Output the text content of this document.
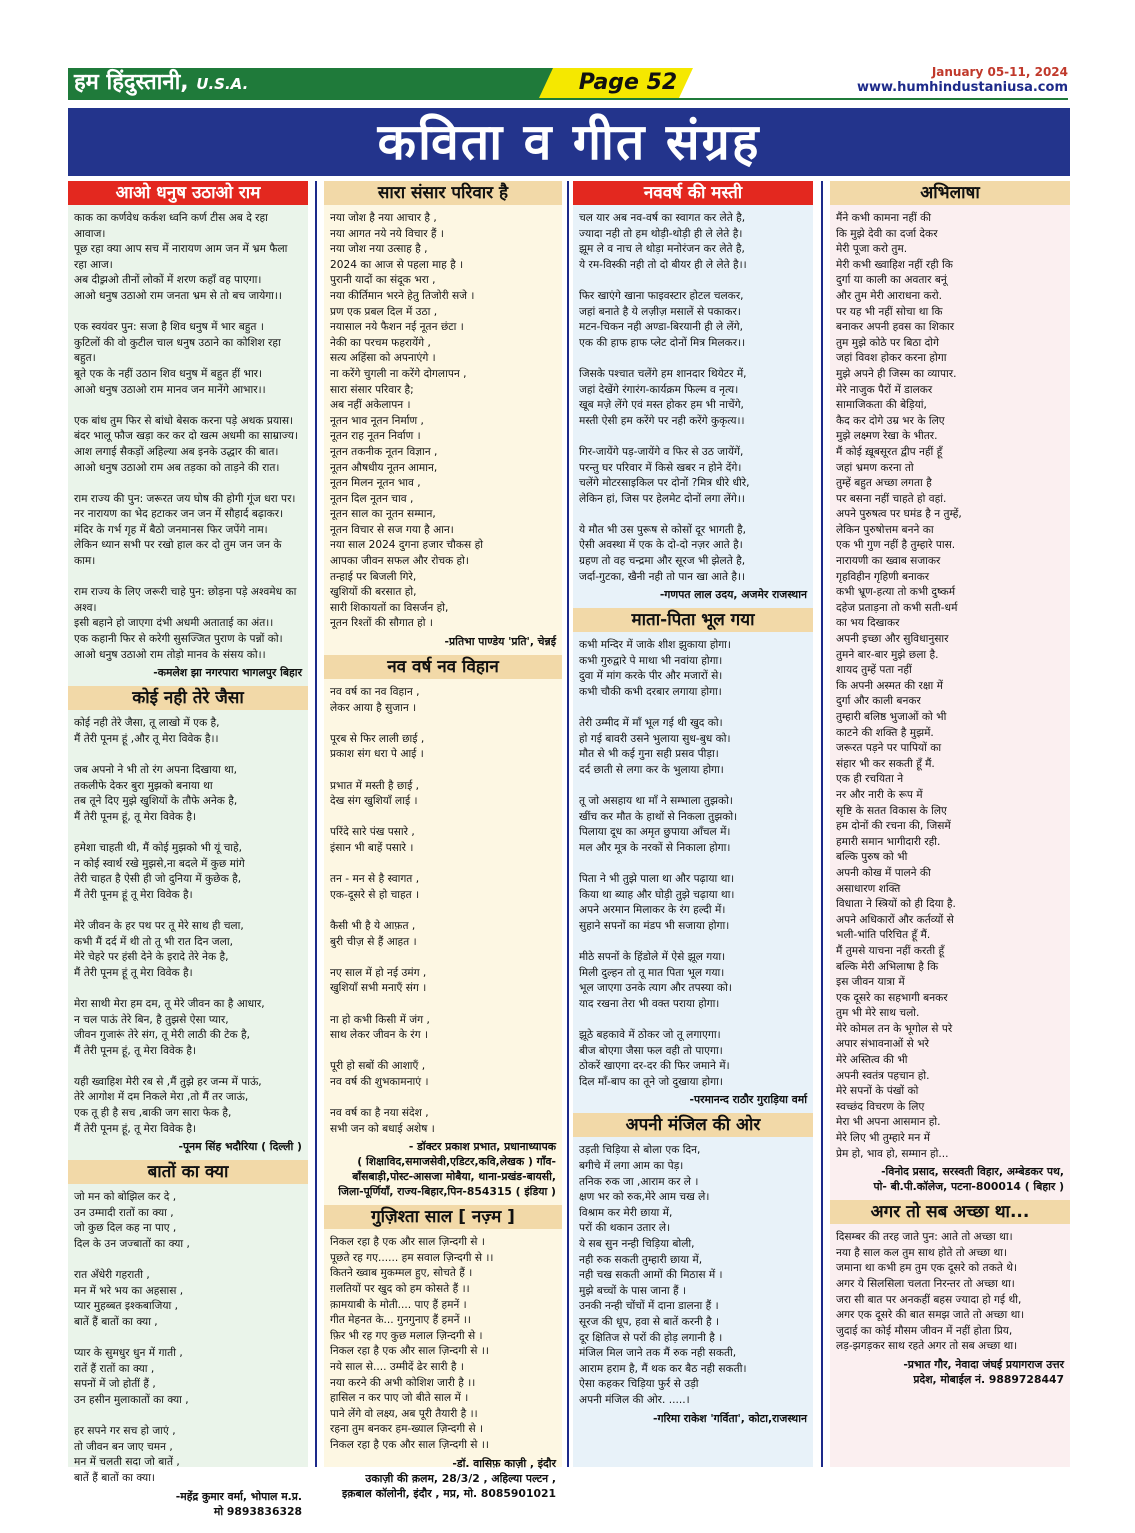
हम हिंदुस्तानी, U.S.A.	Page 52	January 05-11, 2024
www.humhindustaniusa.com
कविता व गीत संग्रह
आओ धनुष उठाओ राम
काक का कर्णवेध कर्कश ध्वनि कर्ण टीस अब दे रहा आवाज।
पूछ रहा क्या आप सच में नारायण आम जन में भ्रम फैला रहा आज।
अब दीझ़ओ तीनों लोकों में शरण कहाँ वह पाएगा।
आओ धनुष उठाओ राम जनता भ्रम से तो बच जायेगा।।

एक स्वयंवर पुन: सजा है शिव धनुष में भार बहुत ।
कुटिलों की वो कुटील चाल धनुष उठाने का कोशिश रहा बहुत।
बूते एक के नहीं उठान शिव धनुष में बहुत हीं भार।
आओ धनुष उठाओ राम मानव जन मानेंगे आभार।।

एक बांध तुम फिर से बांधो बेसक करना पड़े अथक प्रयास।
बंदर भालू फौज खड़ा कर कर दो खत्म अधमी का साम्राज्य।
आश लगाई सैकड़ों अहिल्या अब इनके उद्धार की बात।
आओ धनुष उठाओ राम अब तड़का को ताड़ने की रात।

राम राज्य की पुन: जरूरत जय घोष की होगी गूंज धरा पर।
नर नारायण का भेद हटाकर जन जन में सौहार्द बढ़ाकर।
मंदिर के गर्भ गृह में बैठो जनमानस फिर जपेंगे नाम।
लेकिन ध्यान सभी पर रखो हाल कर दो तुम जन जन के काम।

राम राज्य के लिए जरूरी चाहे पुन: छोड़ना पड़े अश्वमेध का अश्व।
इसी बहाने हो जाएगा दंभी अधमी अताताई का अंत।।
एक कहानी फिर से करेगी सुसज्जित पुराण के पन्नों को।
आओ धनुष उठाओ राम तोड़ो मानव के संसय को।।
-कमलेश झा नगरपारा भागलपुर बिहार
कोई नही तेरे जैसा
कोई नही तेरे जैसा, तू लाखो में एक है,
मैं तेरी पूनम हूं ,और तू मेरा विवेक है।।

जब अपनो ने भी तो रंग अपना दिखाया था,
तकलीफे देकर बुरा मुझको बनाया था
तब तूने दिए मुझे खुशियों के तौफे अनेक है,
मैं तेरी पूनम हूं, तू मेरा विवेक है।

हमेशा चाहती थी, मैं कोई मुझको भी यूं चाहे,
न कोई स्वार्थ रखे मुझसे,ना बदले में कुछ मांगे
तेरी चाहत है ऐसी ही जो दुनिया में कुछेक है,
मैं तेरी पूनम हूं तू मेरा विवेक है।

मेरे जीवन के हर पथ पर तू मेरे साथ ही चला,
कभी मैं दर्द में थी तो तू भी रात दिन जला,
मेरे चेहरे पर हंसी देने के इरादे तेरे नेक है,
मैं तेरी पूनम हूं तू मेरा विवेक है।

मेरा साथी मेरा हम दम, तू मेरे जीवन का है आधार,
न चल पाऊं तेरे बिन, है तुझसे ऐसा प्यार,
जीवन गुजारूं तेरे संग, तू मेरी लाठी की टेक है,
मैं तेरी पूनम हूं, तू मेरा विवेक है।

यही ख्वाहिश मेरी रब से ,मैं तुझे हर जन्म में पाऊं,
तेरे आगोश में दम निकले मेरा ,तो मैं तर जाऊं,
एक तू ही है सच ,बाकी जग सारा फेक है,
मैं तेरी पूनम हूं, तू मेरा विवेक है।
-पूनम सिंह भदौरिया ( दिल्ली )
बातों का क्या
जो मन को बोझिल कर दे ,
उन उम्मादी रातों का क्या ,
जो कुछ दिल कह ना पाए ,
दिल के उन जज्बातों का क्या ,

रात अँधेरी गहराती ,
मन में भरे भय का अहसास ,
प्यार मुहब्बत इश्कबाजिया ,
बातें हैं बातों का क्या ,

प्यार के सुमधुर धुन में गाती ,
रातें हैं रातों का क्या ,
सपनों में जो होतीं हैं ,
उन हसीन मुलाकातों का क्या ,

हर सपने गर सच हो जाएं ,
तो जीवन बन जाए चमन ,
मन में चलती सदा जो बातें ,
बातें हैं बातों का क्या।
-महेंद्र कुमार वर्मा, भोपाल म.प्र.
मो 9893836328
सारा संसार परिवार है
नया जोश है नया आचार है ,
नया आगत नये नये विचार हैं ।
नया जोश नया उत्साह है ,
2024 का आज से पहला माह है ।
पुरानी यादों का संदूक भरा ,
नया कीर्तिमान भरने हेतु तिजोरी सजे ।
प्रण एक प्रबल दिल में उठा ,
नयासाल नये फैशन नई नूतन छंटा ।
नेकी का परचम फहरायेंगे ,
सत्य अहिंसा को अपनाएंगे ।
ना करेंगे चुगली ना करेंगे दोगलापन ,
सारा संसार परिवार है;
अब नहीं अकेलापन ।
नूतन भाव नूतन निर्माण ,
नूतन राह नूतन निर्वाण ।
नूतन तकनीक नूतन विज्ञान ,
नूतन औषधीय नूतन आमान,
नूतन मिलन नूतन भाव ,
नूतन दिल नूतन चाव ,
नूतन साल का नूतन सम्मान,
नूतन विचार से सज गया है आन।
नया साल 2024 दुगना हजार चौकस हो
आपका जीवन सफल और रोचक हो।
तन्हाई पर बिजली गिरे,
खुशियों की बरसात हो,
सारी शिकायतों का विसर्जन हो,
नूतन रिश्तों की सौगात हो ।
-प्रतिभा पाण्डेय 'प्रति', चेन्नई
नव वर्ष नव विहान
नव वर्ष का नव विहान ,
लेकर आया है सुजान ।

पूरब से फिर लाली छाई ,
प्रकाश संग धरा पे आई ।

प्रभात में मस्ती है छाई ,
देख संग खुशियाँ लाई ।

परिंदे सारे पंख पसारे ,
इंसान भी बाहें पसारे ।

तन - मन से है स्वागत ,
एक-दूसरे से हो चाहत ।

कैसी भी है ये आफ़त ,
बुरी चीज़ से हैं आहत ।

नए साल में हो नई उमंग ,
खुशियाँ सभी मनाएँ संग ।

ना हो कभी किसी में जंग ,
साथ लेकर जीवन के रंग ।

पूरी हो सबों की आशाएँ ,
नव वर्ष की शुभकामनाएं ।

नव वर्ष का है नया संदेश ,
सभी जन को बधाई अशेष ।
- डॉक्टर प्रकाश प्रभात, प्रधानाध्यापक
( शिक्षाविद,समाजसेवी,एडिटर,कवि,लेखक ) गाँव-
बाँसबाड़ी,पोस्ट-आसजा मोबैया, थाना-प्रखंड-बायसी,
जिला-पूर्णियाँ, राज्य-बिहार,पिन-854315 ( इंडिया )
गुज़िश्ता साल [ नज़्म ]
निकल रहा है एक और साल ज़िन्दगी से ।
पूछते रह गए...... हम सवाल ज़िन्दगी से ।।
कितने ख्वाब मुकम्मल हुए, सोचते हैं ।
ग़लतियों पर खुद को हम कोसते हैं ।।
क़ामयाबी के मोती.... पाए हैं हमनें ।
गीत मेहनत के... गुनगुनाए हैं हमनें ।।
फ़िर भी रह गए कुछ मलाल ज़िन्दगी से ।
निकल रहा है एक और साल ज़िन्दगी से ।।
नये साल से.... उम्मीदें ढेर सारी है ।
नया करने की अभी कोशिश जारी है ।।
हासिल न कर पाए जो बीते साल में ।
पाने लेंगे वो लक्ष्य, अब पूरी तैयारी है ।।
रहना तुम बनकर हम-ख्याल ज़िन्दगी से ।
निकल रहा है एक और साल ज़िन्दगी से ।।
-डॉ. वासिफ़ काज़ी , इंदौर
उकाज़ी की क़लम, 28/3/2 , अहिल्या पल्टन ,
इक़बाल कॉलोनी, इंदौर , मप्र, मो. 8085901021
नववर्ष की मस्ती
चल यार अब नव-वर्ष का स्वागत कर लेते है,
ज्यादा नही तो हम थोड़ी-थोड़ी ही ले लेते है।
झूम ले व नाच ले थोड़ा मनोरंजन कर लेते है,
ये रम-विस्की नही तो दो बीयर ही ले लेते है।।

फिर खाएंगे खाना फाइवस्टार होटल चलकर,
जहां बनाते है ये लज़ीज़ मसालें से पकाकर।
मटन-चिकन नही अण्डा-बिरयानी ही ले लेंगे,
एक की हाफ हाफ प्लेट दोनों मित्र मिलकर।।

जिसके पश्चात चलेंगे हम शानदार थियेटर में,
जहां देखेंगे रंगारंग-कार्यक्रम फिल्म व नृत्य।
खूब मज़े लेंगे एवं मस्त होकर हम भी नाचेंगे,
मस्ती ऐसी हम करेंगे पर नही करेंगे कुकृत्य।।

गिर-जायेंगे पड़-जायेंगे व फिर से उठ जायेंगें,
परन्तु घर परिवार में किसे खबर न होने देंगे।
चलेंगे मोटरसाइकिल पर दोनों ?मित्र धीरे धीरे,
लेकिन हां, जिस पर हेलमेट दोनों लगा लेंगे।।

ये मौत भी उस पुरूष से कोसों दूर भागती है,
ऐसी अवस्था में एक के दो-दो नज़र आते है।
ग्रहण तो वह चन्द्रमा और सूरज भी झेलते है,
जर्दा-गुटका, खैनी नही तो पान खा आते है।।
-गणपत लाल उदय, अजमेर राजस्थान
माता-पिता भूल गया
कभी मन्दिर में जाके शीश झुकाया होगा।
कभी गुरुद्वारे पे माथा भी नवांया होगा।
दुवा में मांग करके पीर और मजारों से।
कभी चौकी कभी दरबार लगाया होगा।

तेरी उम्मीद में माँ भूल गई थी खुद को।
हो गई बावरी उसने भुलाया सुध-बुध को।
मौत से भी कई गुना सही प्रसव पीड़ा।
दर्द छाती से लगा कर के भुलाया होगा।

तू जो असहाय था माँ ने सम्भाला तुझको।
खींच कर मौत के हाथों से निकला तुझको।
पिलाया दूध का अमृत छुपाया आँचल में।
मल और मूत्र के नरकों से निकाला होगा।

पिता ने भी तुझे पाला था और पढ़ाया था।
किया था ब्याह और घोड़ी तुझे चढ़ाया था।
अपने अरमान मिलाकर के रंग हल्दी में।
सुहाने सपनों का मंडप भी सजाया होगा।

मीठे सपनों के हिंडोले में ऐसे झूल गया।
मिली दुल्हन तो तू मात पिता भूल गया।
भूल जाएगा उनके त्याग और तपस्या को।
याद रखना तेरा भी वक्त पराया होगा।

झूठे बहकावे में ठोकर जो तू लगाएगा।
बीज बोएगा जैसा फल वही तो पाएगा।
ठोकरें खाएगा दर-दर की फिर जमाने में।
दिल माँ-बाप का तूने जो दुखाया होगा।
-परमानन्द राठौर गुराड़िया वर्मा
अपनी मंजिल की ओर
उड़ती चिड़िया से बोला एक दिन,
बगीचे में लगा आम का पेड़।
तनिक रुक जा ,आराम कर ले ।
क्षण भर को रुक,मेरे आम चख ले।
विश्राम कर मेरी छाया में,
परों की थकान उतार ले।
ये सब सुन नन्ही चिड़िया बोली,
नही रुक सकती तुम्हारी छाया में,
नही चख सकती आमों की मिठास में ।
मुझे बच्चों के पास जाना हैं ।
उनकी नन्ही चोंचों में दाना डालना हैं ।
सूरज की धूप, हवा से बातें करनी है ।
दूर क्षितिज से परों की होड़ लगानी है ।
मंजिल मिल जाने तक मैं रुक नही सकती,
आराम हराम है, मैं थक कर बैठ नही सकती।
ऐसा कहकर चिड़िया फुर्र से उड़ी
अपनी मंजिल की ओर. .....।
-गरिमा राकेश 'गर्विता', कोटा,राजस्थान
अभिलाषा
मैंने कभी कामना नहीं की
कि मुझे देवी का दर्जा देकर
मेरी पूजा करो तुम.
मेरी कभी ख्वाहिश नहीं रही कि
दुर्गा या काली का अवतार बनूं
और तुम मेरी आराधना करो.
पर यह भी नहीं सोचा था कि
बनाकर अपनी हवस का शिकार
तुम मुझे कोठे पर बिठा दोगे
जहां विवश होकर करना होगा
मुझे अपने ही जिस्म का व्यापार.
मेरे नाजुक पैरों में डालकर
सामाजिकता की बेड़ियां,
कैद कर दोगे उम्र भर के लिए
मुझे लक्ष्मण रेखा के भीतर.
मैं कोई ख़ूबसूरत द्वीप नहीं हूँ
जहां भ्रमण करना तो
तुम्हें बहुत अच्छा लगता है
पर बसना नहीं चाहते हो वहां.
अपने पुरुषत्व पर घमंड है न तुम्हें,
लेकिन पुरुषोत्तम बनने का
एक भी गुण नहीं है तुम्हारे पास.
नारायणी का ख्वाब सजाकर
गृहविहीन गृहिणी बनाकर
कभी भ्रूण-हत्या तो कभी दुष्कर्म
दहेज प्रताड़ना तो कभी सती-धर्म
का भय दिखाकर
अपनी इच्छा और सुविधानुसार
तुमने बार-बार मुझे छला है.
शायद तुम्हें पता नहीं
कि अपनी अस्मत की रक्षा में
दुर्गा और काली बनकर
तुम्हारी बलिष्ठ भुजाओं को भी
काटने की शक्ति है मुझमें.
जरूरत पड़ने पर पापियों का
संहार भी कर सकती हूँ मैं.
एक ही रचयिता ने
नर और नारी के रूप में
सृष्टि के सतत विकास के लिए
हम दोनों की रचना की, जिसमें
हमारी समान भागीदारी रही.
बल्कि पुरुष को भी
अपनी कोख में पालने की
असाधारण शक्ति
विधाता ने स्त्रियों को ही दिया है.
अपने अधिकारों और कर्तव्यों से
भली-भांति परिचित हूँ मैं.
मैं तुमसे याचना नहीं करती हूँ
बल्कि मेरी अभिलाषा है कि
इस जीवन यात्रा में
एक दूसरे का सहभागी बनकर
तुम भी मेरे साथ चलो.
मेरे कोमल तन के भूगोल से परे
अपार संभावनाओं से भरे
मेरे अस्तित्व की भी
अपनी स्वतंत्र पहचान हो.
मेरे सपनों के पंखों को
स्वच्छंद विचरण के लिए
मेरा भी अपना आसमान हो.
मेरे लिए भी तुम्हारे मन में
प्रेम हो, भाव हो, सम्मान हो...
-विनोद प्रसाद, सरस्वती विहार, अम्बेडकर पथ,
पो- बी.पी.कॉलेज, पटना-800014 ( बिहार )
अगर तो सब अच्छा था...
दिसम्बर की तरह जाते पुन: आते तो अच्छा था।
नया है साल कल तुम साथ होते तो अच्छा था।
जमाना था कभी हम तुम एक दूसरे को तकते थे।
अगर ये सिलसिला चलता निरन्तर तो अच्छा था।
जरा सी बात पर अनकहीं बहस ज्यादा हो गई थी,
अगर एक दूसरे की बात समझ जाते तो अच्छा था।
जुदाई का कोई मौसम जीवन में नहीं होता प्रिय,
लड़-झगड़कर साथ रहते अगर तो सब अच्छा था।
-प्रभात गौर, नेवादा जंघई प्रयागराज उत्तर
प्रदेश, मोबाईल नं. 9889728447
